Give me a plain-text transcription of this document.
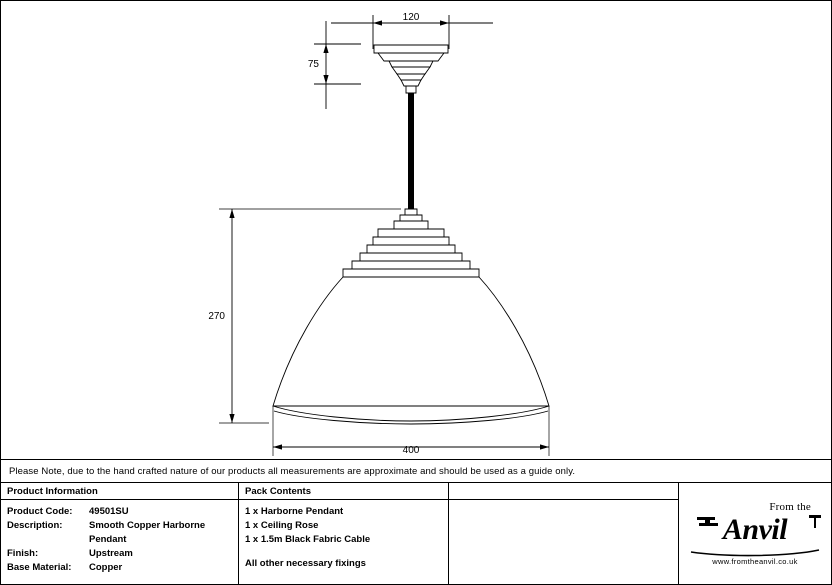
120
75
270
400
Please Note, due to the hand crafted nature of our products all measurements are approximate and should be used as a guide only.
Product Information
Product Code:	49501SU
Description:	Smooth Copper Harborne Pendant
Finish:	Upstream
Base Material:	Copper
Pack Contents
1 x Harborne Pendant
1 x Ceiling Rose
1 x 1.5m Black Fabric Cable
All other necessary fixings
From the
Anvil
www.fromtheanvil.co.uk
